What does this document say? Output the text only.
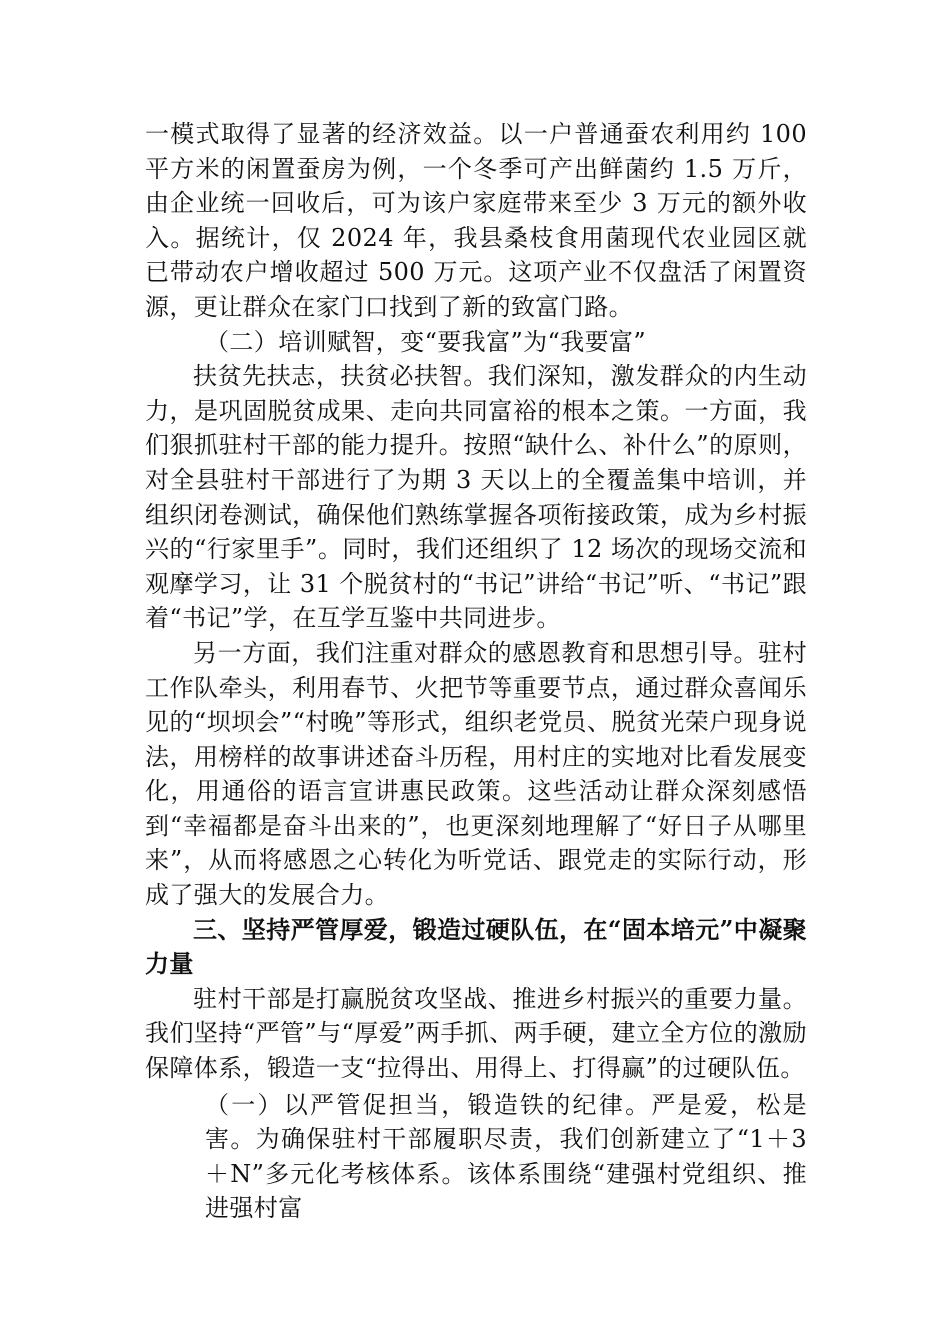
一模式取得了显著的经济效益。以一户普通蚕农利用约 100 平方米的闲置蚕房为例，一个冬季可产出鲜菌约 1.5 万斤，由企业统一回收后，可为该户家庭带来至少 3 万元的额外收入。据统计，仅 2024 年，我县桑枝食用菌现代农业园区就已带动农户增收超过 500 万元。这项产业不仅盘活了闲置资源，更让群众在家门口找到了新的致富门路。

（二）培训赋智，变“要我富”为“我要富”

扶贫先扶志，扶贫必扶智。我们深知，激发群众的内生动力，是巩固脱贫成果、走向共同富裕的根本之策。一方面，我们狠抓驻村干部的能力提升。按照“缺什么、补什么”的原则，对全县驻村干部进行了为期 3 天以上的全覆盖集中培训，并组织闭卷测试，确保他们熟练掌握各项衔接政策，成为乡村振兴的“行家里手”。同时，我们还组织了 12 场次的现场交流和观摩学习，让 31 个脱贫村的“书记”讲给“书记”听、“书记”跟着“书记”学，在互学互鉴中共同进步。

另一方面，我们注重对群众的感恩教育和思想引导。驻村工作队牵头，利用春节、火把节等重要节点，通过群众喜闻乐见的“坝坝会”“村晚”等形式，组织老党员、脱贫光荣户现身说法，用榜样的故事讲述奋斗历程，用村庄的实地对比看发展变化，用通俗的语言宣讲惠民政策。这些活动让群众深刻感悟到“幸福都是奋斗出来的”，也更深刻地理解了“好日子从哪里来”，从而将感恩之心转化为听党话、跟党走的实际行动，形成了强大的发展合力。

三、坚持严管厚爱，锻造过硬队伍，在“固本培元”中凝聚力量

驻村干部是打赢脱贫攻坚战、推进乡村振兴的重要力量。我们坚持“严管”与“厚爱”两手抓、两手硬，建立全方位的激励保障体系，锻造一支“拉得出、用得上、打得赢”的过硬队伍。

（一）以严管促担当，锻造铁的纪律。严是爱，松是害。为确保驻村干部履职尽责，我们创新建立了“1＋3＋N”多元化考核体系。该体系围绕“建强村党组织、推进强村富
